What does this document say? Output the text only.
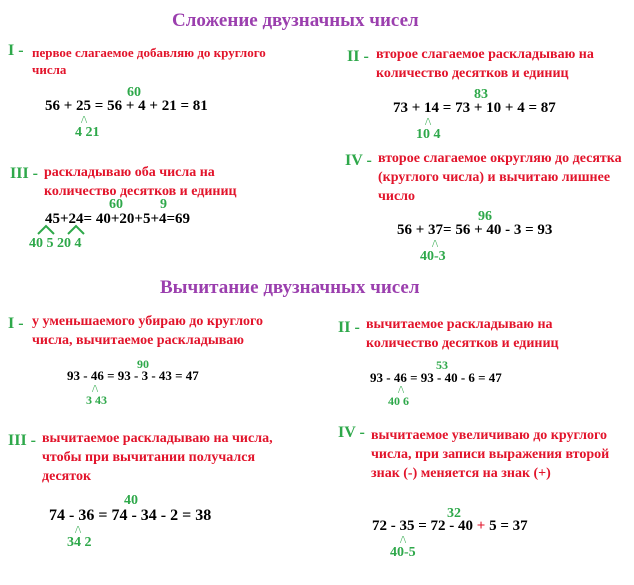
Сложение двузначных чисел
I - первое слагаемое добавляю до круглого числа
60
56 + 25 = 56 + 4 + 21 = 81
/\
4 21
II - второе слагаемое раскладываю на количество десятков и единиц
83
73 + 14 = 73 + 10 + 4 = 87
/\
10 4
III - раскладываю оба числа на количество десятков и единиц
60	9
45+24= 40+20+5+4=69
40 5 20 4
IV - второе слагаемое округляю до десятка (круглого числа) и вычитаю лишнее число
96
56 + 37= 56 + 40 - 3 = 93
/\
40-3
Вычитание двузначных чисел
I - у уменьшаемого убираю до круглого числа, вычитаемое раскладываю
90
93 - 46 = 93 - 3 - 43 = 47
/\
3 43
II - вычитаемое раскладываю на количество десятков и единиц
53
93 - 46 = 93 - 40 - 6 = 47
/\
40 6
III - вычитаемое раскладываю на числа, чтобы при вычитании получался десяток
40
74 - 36 = 74 - 34 - 2 = 38
/\
34 2
IV - вычитаемое увеличиваю до круглого числа, при записи выражения второй знак (-) меняется на знак (+)
32
72 - 35 = 72 - 40 + 5 = 37
/\
40-5
